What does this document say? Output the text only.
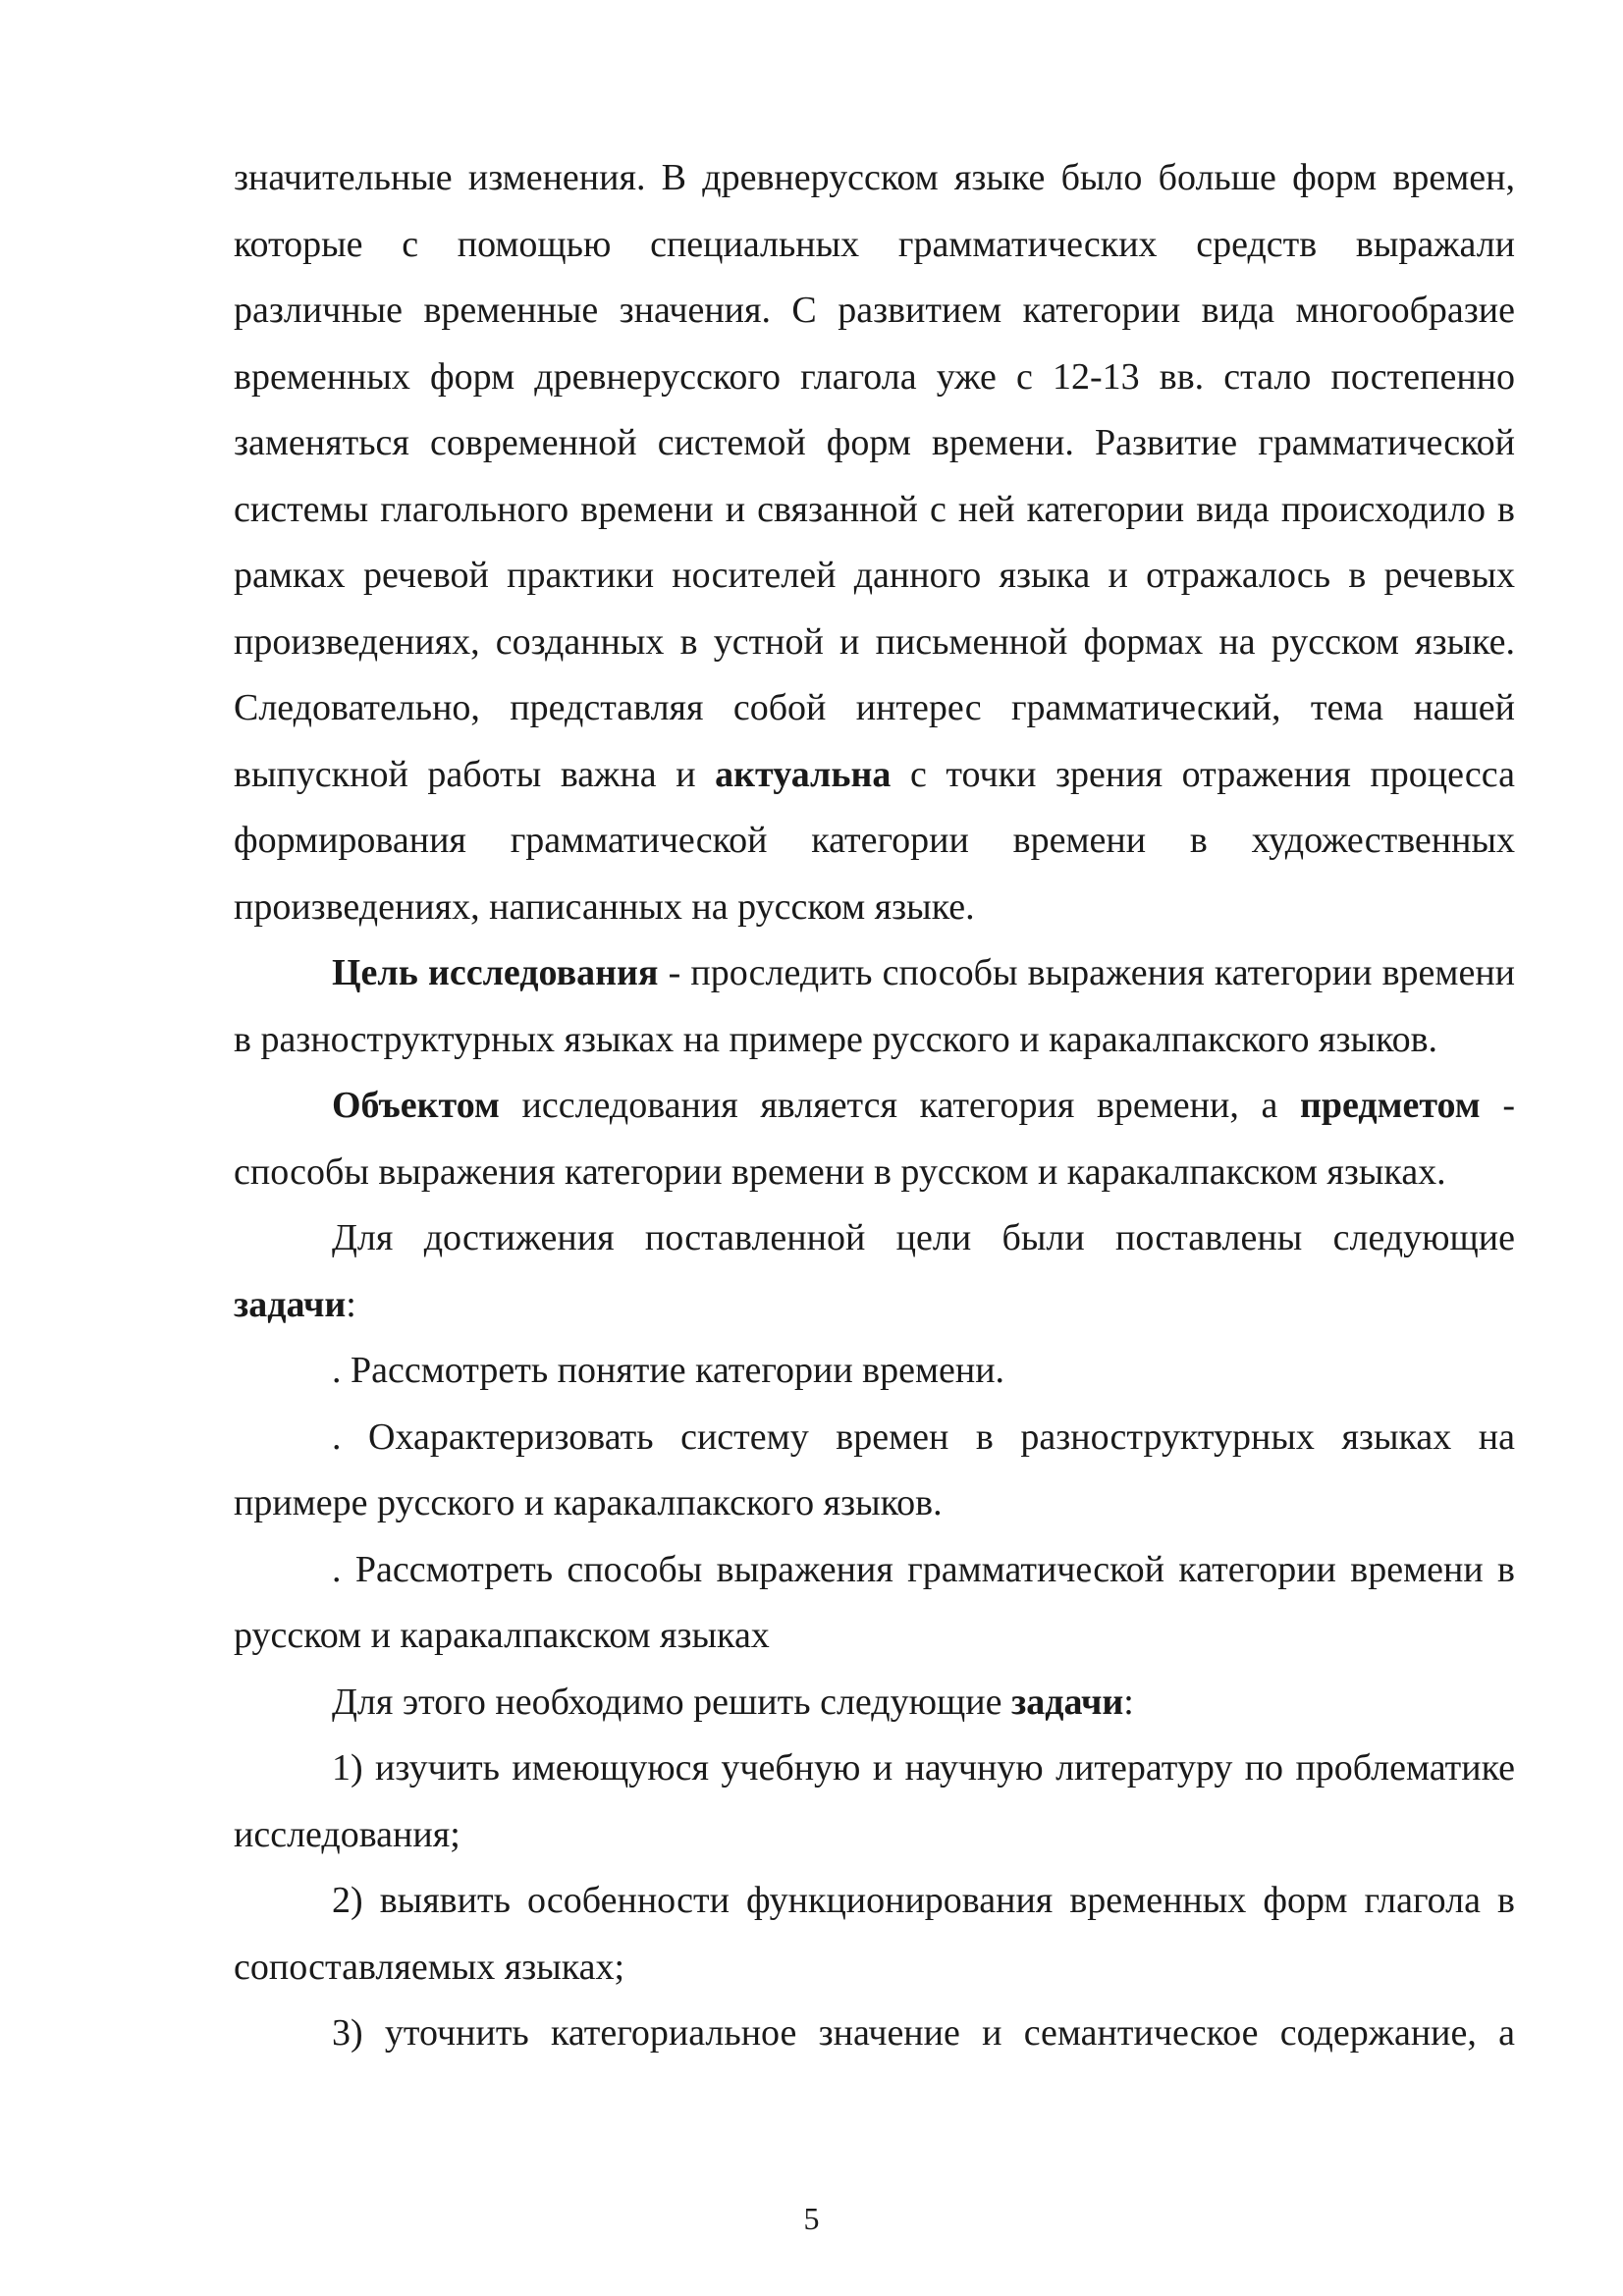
значительные изменения. В древнерусском языке было больше форм времен, которые с помощью специальных грамматических средств выражали различные временные значения. С развитием категории вида многообразие временных форм древнерусского глагола уже с 12-13 вв. стало постепенно заменяться современной системой форм времени. Развитие грамматической системы глагольного времени и связанной с ней категории вида происходило в рамках речевой практики носителей данного языка и отражалось в речевых произведениях, созданных в устной и письменной формах на русском языке. Следовательно, представляя собой интерес грамматический, тема нашей выпускной работы важна и актуальна с точки зрения отражения процесса формирования грамматической категории времени в художественных произведениях, написанных на русском языке.

Цель исследования - проследить способы выражения категории времени в разноструктурных языках на примере русского и каракалпакского языков.

Объектом исследования является категория времени, а предметом - способы выражения категории времени в русском и каракалпакском языках.

Для достижения поставленной цели были поставлены следующие задачи:

. Рассмотреть понятие категории времени.

. Охарактеризовать систему времен в разноструктурных языках на примере русского и каракалпакского языков.

. Рассмотреть способы выражения грамматической категории времени в русском и каракалпакском языках

Для этого необходимо решить следующие задачи:

1) изучить имеющуюся учебную и научную литературу по проблематике исследования;

2) выявить особенности функционирования временных форм глагола в сопоставляемых языках;

3) уточнить категориальное значение и семантическое содержание, а

5
